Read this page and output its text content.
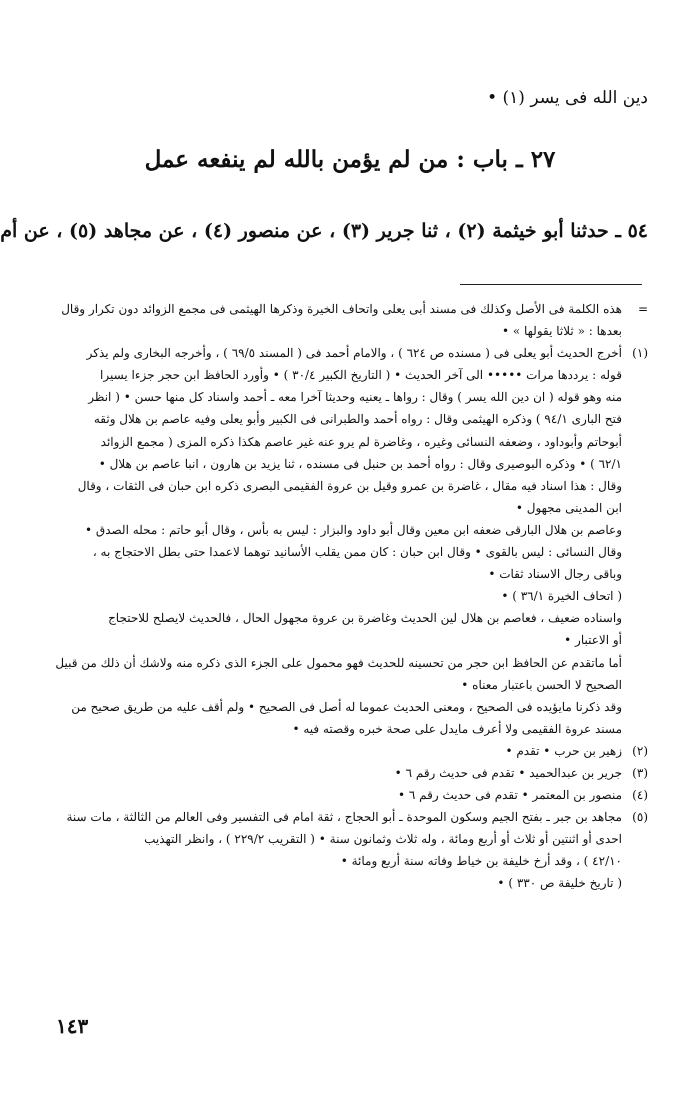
دين الله فى يسر (١) •
٢٧ ـ باب : من لم يؤمن بالله لم ينفعه عمل
٥٤ ـ حدثنا أبو خيثمة (٢) ، ثنا جرير (٣) ، عن منصور (٤) ، عن مجاهد (٥) ، عن أم
=
هذه الكلمة فى الأصل وكذلك فى مسند أبى يعلى واتحاف الخيرة وذكرها الهيثمى فى مجمع الزوائد دون تكرار وقال
بعدها : « ثلاثا يقولها » •
(١)
أخرج الحديث أبو يعلى فى ( مسنده ص ٦٢٤ ) ، والامام أحمد فى ( المسند ٦٩/٥ ) ، وأخرجه البخارى ولم يذكر
قوله : يرددها مرات ••••• الى آخر الحديث • ( التاريخ الكبير ٣٠/٤ ) • وأورد الحافظ ابن حجر جزءا يسيرا
منه وهو قوله ( ان دين الله يسر ) وقال : رواها ـ يعنيه وحديثا آخرا معه ـ أحمد واسناد كل منها حسن • ( انظر
فتح البارى ٩٤/١ ) وذكره الهيثمى وقال : رواه أحمد والطبرانى فى الكبير وأبو يعلى وفيه عاصم بن هلال وثقه
أبوحاتم وأبوداود ، وضعفه النسائى وغيره ، وغاضرة لم يرو عنه غير عاصم هكذا ذكره المزى ( مجمع الزوائد
٦٢/١ ) • وذكره البوصيرى وقال : رواه أحمد بن حنبل فى مسنده ، ثنا يزيد بن هارون ، انبا عاصم بن هلال •
وقال : هذا اسناد فيه مقال ، غاضرة بن عمرو وقيل بن عروة الفقيمى البصرى ذكره ابن حبان فى الثقات ، وقال
ابن المدينى مجهول •
وعاصم بن هلال البارقى ضعفه ابن معين وقال أبو داود والبزار : ليس به بأس ، وقال أبو حاتم : محله الصدق •
وقال النسائى : ليس بالقوى • وقال ابن حبان : كان ممن يقلب الأسانيد توهما لاعمدا حتى بطل الاحتجاج به ،
وباقى رجال الاسناد ثقات •
( اتحاف الخيرة ٣٦/١ ) •
واسناده ضعيف ، فعاصم بن هلال لين الحديث وغاضرة بن عروة مجهول الحال ، فالحديث لايصلح للاحتجاج
أو الاعتبار •
أما ماتقدم عن الحافظ ابن حجر من تحسينه للحديث فهو محمول على الجزء الذى ذكره منه ولاشك أن ذلك من قبيل
الصحيح لا الحسن باعتبار معناه •
وقد ذكرنا مايؤيده فى الصحيح ، ومعنى الحديث عموما له أصل فى الصحيح • ولم أقف عليه من طريق صحيح من
مسند عروة الفقيمى ولا أعرف مايدل على صحة خبره وقصته فيه •
(٢)
زهير بن حرب • تقدم •
(٣)
جرير بن عبدالحميد • تقدم فى حديث رقم ٦ •
(٤)
منصور بن المعتمر • تقدم فى حديث رقم ٦ •
(٥)
مجاهد بن جبر ـ بفتح الجيم وسكون الموحدة ـ أبو الحجاج ، ثقة امام فى التفسير وفى العالم من الثالثة ، مات سنة
احدى أو اثنتين أو ثلاث أو أربع ومائة ، وله ثلاث وثمانون سنة • ( التقريب ٢٢٩/٢ ) ، وانظر التهذيب
٤٢/١٠ ) ، وقد أرخ خليفة بن خياط وفاته سنة أربع ومائة •
( تاريخ خليفة ص ٣٣٠ ) •
١٤٣
